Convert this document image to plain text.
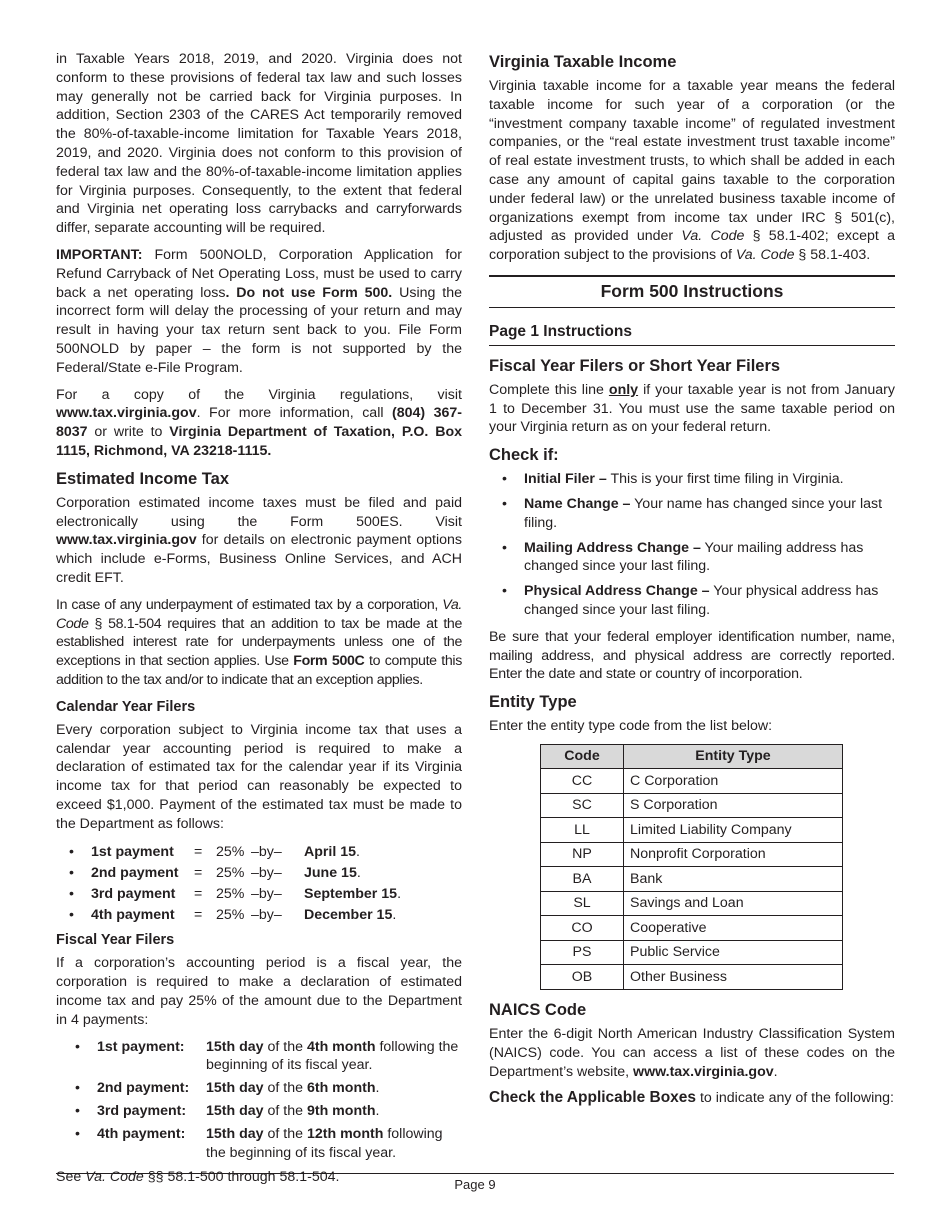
in Taxable Years 2018, 2019, and 2020. Virginia does not conform to these provisions of federal tax law and such losses may generally not be carried back for Virginia purposes. In addition, Section 2303 of the CARES Act temporarily removed the 80%-of-taxable-income limitation for Taxable Years 2018, 2019, and 2020. Virginia does not conform to this provision of federal tax law and the 80%-of-taxable-income limitation applies for Virginia purposes. Consequently, to the extent that federal and Virginia net operating loss carrybacks and carryforwards differ, separate accounting will be required.

IMPORTANT: Form 500NOLD, Corporation Application for Refund Carryback of Net Operating Loss, must be used to carry back a net operating loss. Do not use Form 500. Using the incorrect form will delay the processing of your return and may result in having your tax return sent back to you. File Form 500NOLD by paper – the form is not supported by the Federal/State e-File Program.

For a copy of the Virginia regulations, visit www.tax.virginia.gov. For more information, call (804) 367-8037 or write to Virginia Department of Taxation, P.O. Box 1115, Richmond, VA 23218-1115.

Estimated Income Tax

Corporation estimated income taxes must be filed and paid electronically using the Form 500ES. Visit www.tax.virginia.gov for details on electronic payment options which include e-Forms, Business Online Services, and ACH credit EFT.

In case of any underpayment of estimated tax by a corporation, Va. Code § 58.1-504 requires that an addition to tax be made at the established interest rate for underpayments unless one of the exceptions in that section applies. Use Form 500C to compute this addition to the tax and/or to indicate that an exception applies.

Calendar Year Filers

Every corporation subject to Virginia income tax that uses a calendar year accounting period is required to make a declaration of estimated tax for the calendar year if its Virginia income tax for that period can reasonably be expected to exceed $1,000. Payment of the estimated tax must be made to the Department as follows:

•	1st payment	= 25% –by–	April 15 .
•	2nd payment	= 25% –by–	June 15 .
•	3rd payment	= 25% –by–	September 15 .
•	4th payment	= 25% –by–	December 15 .
Fiscal Year Filers

If a corporation’s accounting period is a fiscal year, the corporation is required to make a declaration of estimated income tax and pay 25% of the amount due to the Department in 4 payments:

•	1st payment:	15th day of the 4th month following the beginning of its fiscal year.
•	2nd payment:	15th day of the 6th month.
•	3rd payment:	15th day of the 9th month.
•	4th payment:	15th day of the 12th month following the beginning of its fiscal year.

See Va. Code §§ 58.1-500 through 58.1-504.

Virginia Taxable Income

Virginia taxable income for a taxable year means the federal taxable income for such year of a corporation (or the “investment company taxable income” of regulated investment companies, or the “real estate investment trust taxable income” of real estate investment trusts, to which shall be added in each case any amount of capital gains taxable to the corporation under federal law) or the unrelated business taxable income of organizations exempt from income tax under IRC § 501(c), adjusted as provided under Va. Code § 58.1-402; except a corporation subject to the provisions of Va. Code § 58.1-403.

Form 500 Instructions
Page 1 Instructions
Fiscal Year Filers or Short Year Filers

Complete this line only if your taxable year is not from January 1 to December 31. You must use the same taxable period on your Virginia return as on your federal return.

Check if:
•	Initial Filer – This is your first time filing in Virginia.
•	Name Change – Your name has changed since your last filing.
•	Mailing Address Change – Your mailing address has changed since your last filing.
•	Physical Address Change – Your physical address has changed since your last filing.

Be sure that your federal employer identification number, name, mailing address, and physical address are correctly reported. Enter the date and state or country of incorporation.

Entity Type

Enter the entity type code from the list below:

Code	Entity Type
CC	C Corporation
SC	S Corporation
LL	Limited Liability Company
NP	Nonprofit Corporation
BA	Bank
SL	Savings and Loan
CO	Cooperative
PS	Public Service
OB	Other Business
NAICS Code

Enter the 6-digit North American Industry Classification System (NAICS) code. You can access a list of these codes on the Department’s website, www.tax.virginia.gov.

Check the Applicable Boxes to indicate any of the following:

Page 9
